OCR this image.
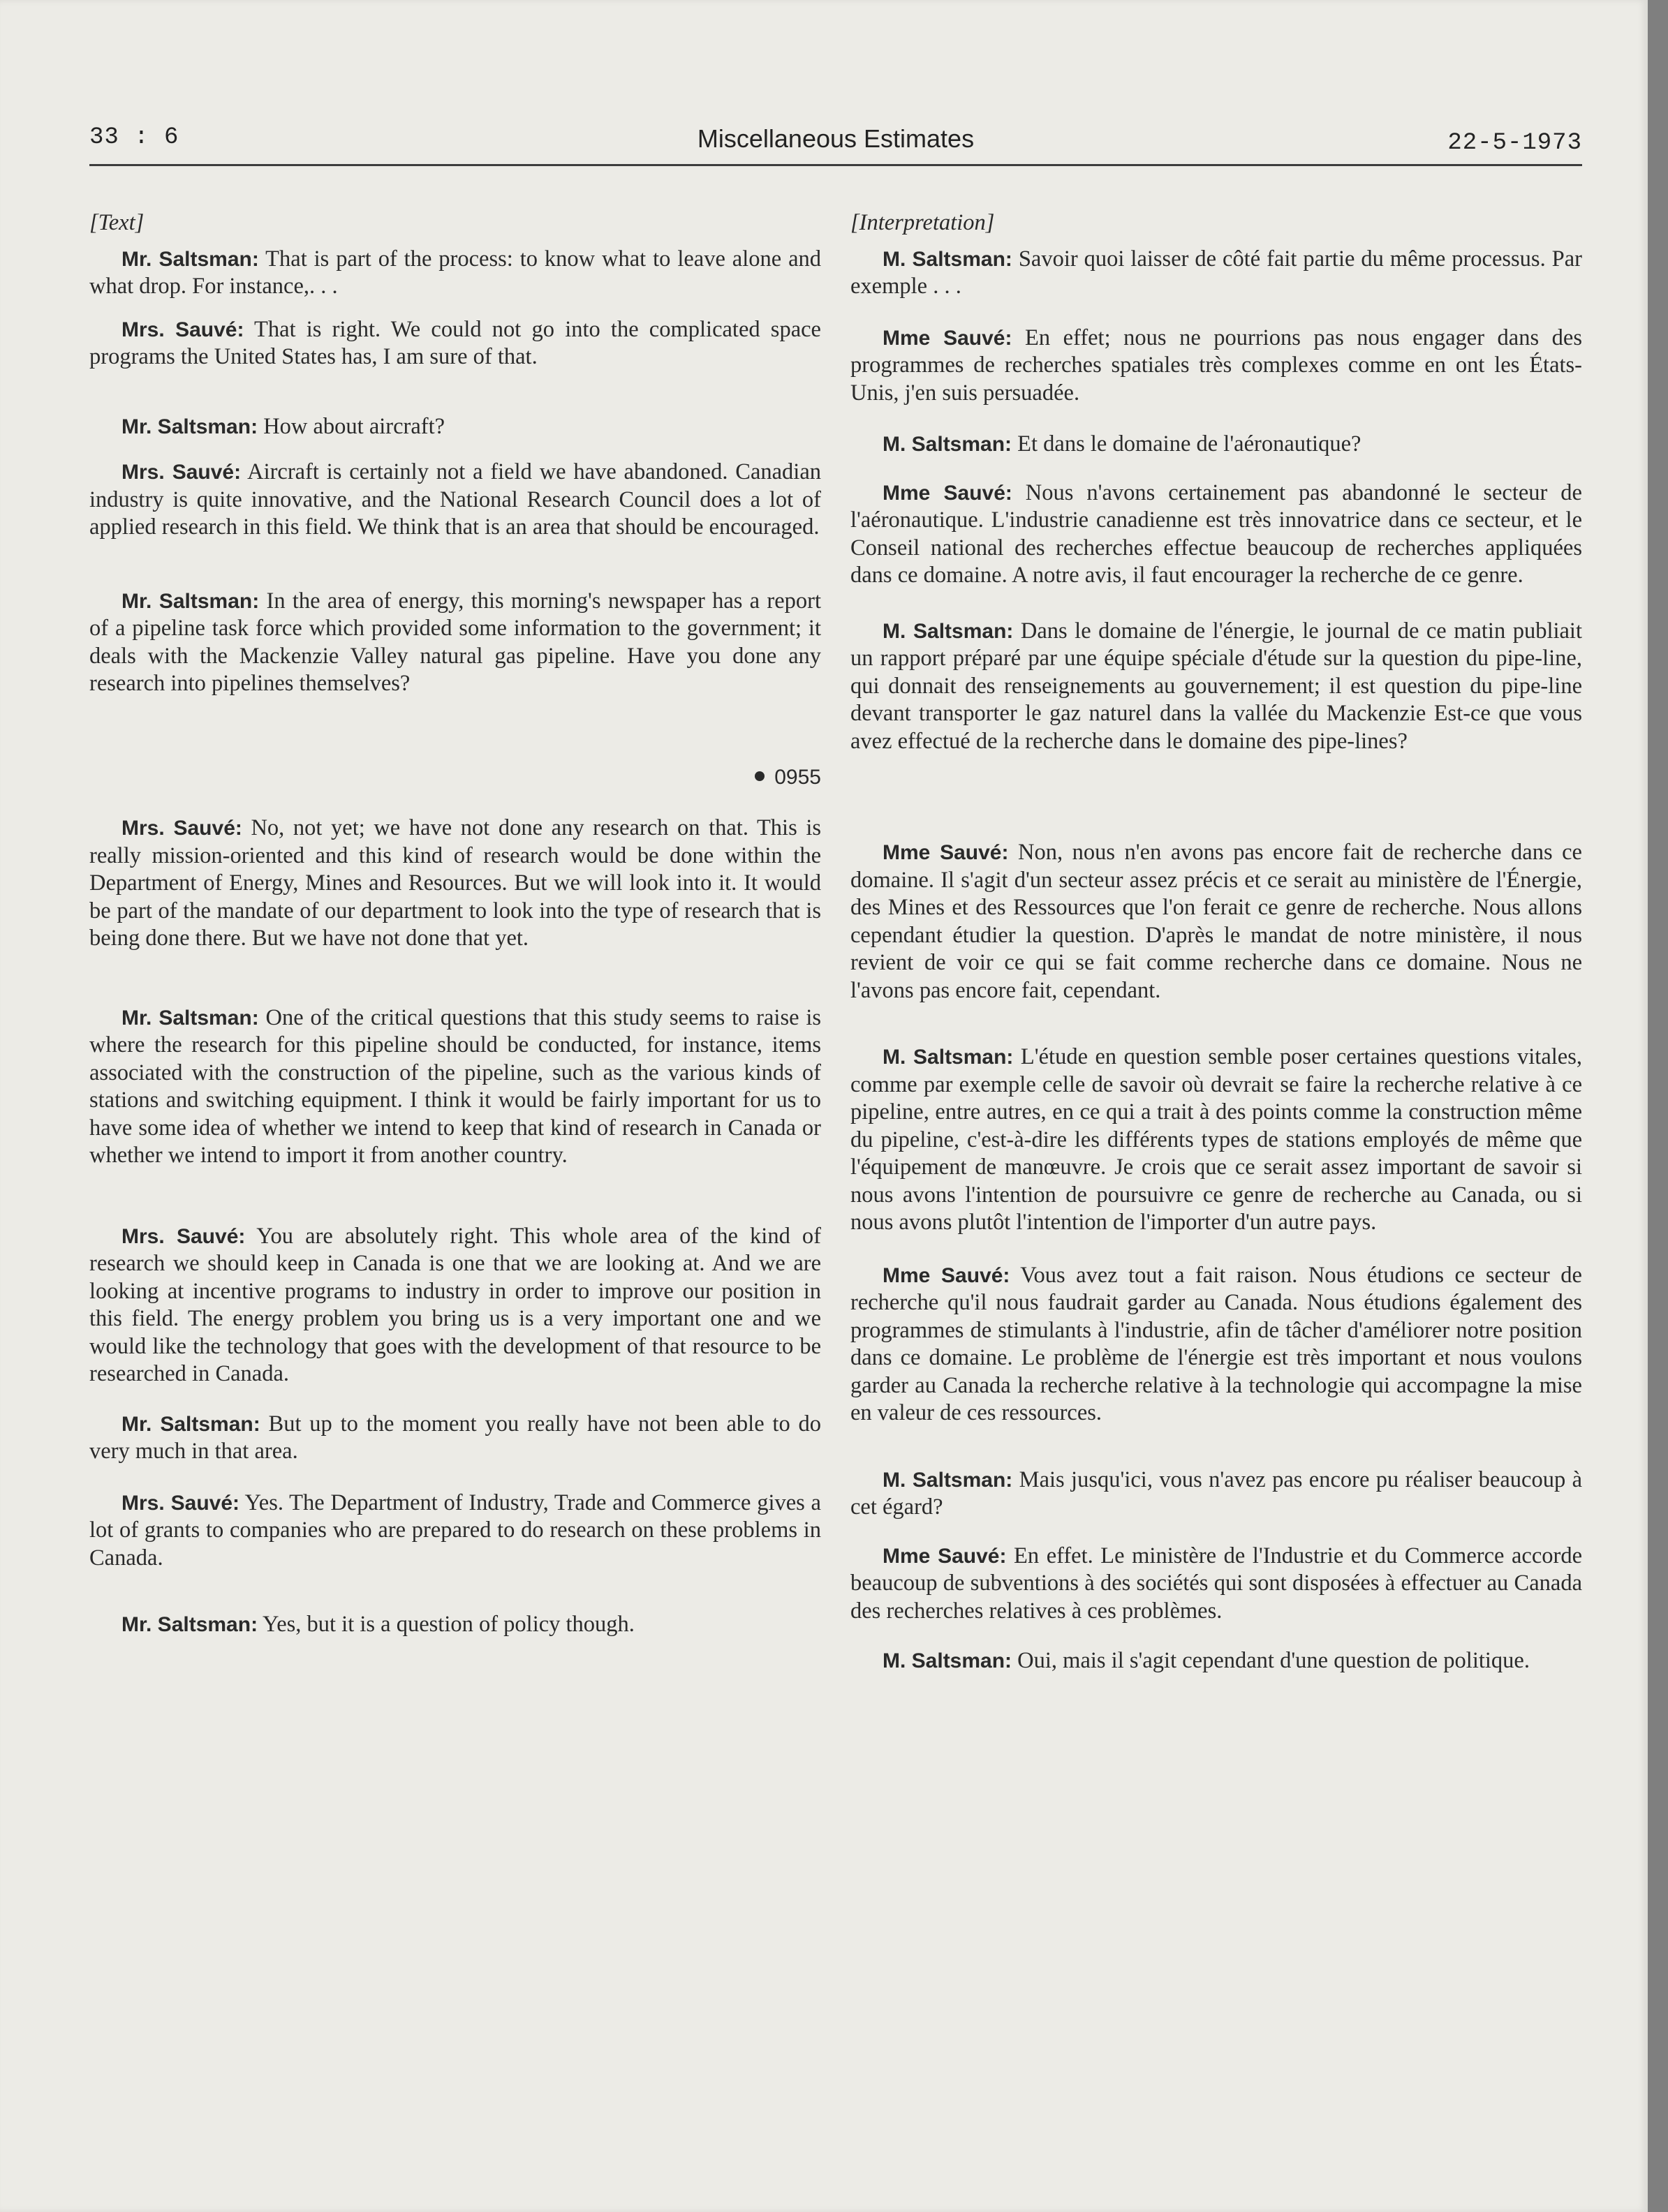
33 : 6	Miscellaneous Estimates	22-5-1973
[Text]

Mr. Saltsman: That is part of the process: to know what to leave alone and what drop. For instance,. . .

Mrs. Sauvé: That is right. We could not go into the complicated space programs the United States has, I am sure of that.

Mr. Saltsman: How about aircraft?

Mrs. Sauvé: Aircraft is certainly not a field we have abandoned. Canadian industry is quite innovative, and the National Research Council does a lot of applied research in this field. We think that is an area that should be encouraged.

Mr. Saltsman: In the area of energy, this morning's newspaper has a report of a pipeline task force which provided some information to the government; it deals with the Mackenzie Valley natural gas pipeline. Have you done any research into pipelines themselves?

0955

Mrs. Sauvé: No, not yet; we have not done any research on that. This is really mission-oriented and this kind of research would be done within the Department of Energy, Mines and Resources. But we will look into it. It would be part of the mandate of our department to look into the type of research that is being done there. But we have not done that yet.

Mr. Saltsman: One of the critical questions that this study seems to raise is where the research for this pipeline should be conducted, for instance, items associated with the construction of the pipeline, such as the various kinds of stations and switching equipment. I think it would be fairly important for us to have some idea of whether we intend to keep that kind of research in Canada or whether we intend to import it from another country.

Mrs. Sauvé: You are absolutely right. This whole area of the kind of research we should keep in Canada is one that we are looking at. And we are looking at incentive programs to industry in order to improve our position in this field. The energy problem you bring us is a very important one and we would like the technology that goes with the development of that resource to be researched in Canada.

Mr. Saltsman: But up to the moment you really have not been able to do very much in that area.

Mrs. Sauvé: Yes. The Department of Industry, Trade and Commerce gives a lot of grants to companies who are prepared to do research on these problems in Canada.

Mr. Saltsman: Yes, but it is a question of policy though.

[Interpretation]

M. Saltsman: Savoir quoi laisser de côté fait partie du même processus. Par exemple . . .

Mme Sauvé: En effet; nous ne pourrions pas nous engager dans des programmes de recherches spatiales très complexes comme en ont les États-Unis, j'en suis persuadée.

M. Saltsman: Et dans le domaine de l'aéronautique?

Mme Sauvé: Nous n'avons certainement pas abandonné le secteur de l'aéronautique. L'industrie canadienne est très innovatrice dans ce secteur, et le Conseil national des recherches effectue beaucoup de recherches appliquées dans ce domaine. A notre avis, il faut encourager la recherche de ce genre.

M. Saltsman: Dans le domaine de l'énergie, le journal de ce matin publiait un rapport préparé par une équipe spéciale d'étude sur la question du pipe-line, qui donnait des renseignements au gouvernement; il est question du pipe-line devant transporter le gaz naturel dans la vallée du Mackenzie Est-ce que vous avez effectué de la recherche dans le domaine des pipe-lines?

Mme Sauvé: Non, nous n'en avons pas encore fait de recherche dans ce domaine. Il s'agit d'un secteur assez précis et ce serait au ministère de l'Énergie, des Mines et des Ressources que l'on ferait ce genre de recherche. Nous allons cependant étudier la question. D'après le mandat de notre ministère, il nous revient de voir ce qui se fait comme recherche dans ce domaine. Nous ne l'avons pas encore fait, cependant.

M. Saltsman: L'étude en question semble poser certaines questions vitales, comme par exemple celle de savoir où devrait se faire la recherche relative à ce pipeline, entre autres, en ce qui a trait à des points comme la construction même du pipeline, c'est-à-dire les différents types de stations employés de même que l'équipement de manœuvre. Je crois que ce serait assez important de savoir si nous avons l'intention de poursuivre ce genre de recherche au Canada, ou si nous avons plutôt l'intention de l'importer d'un autre pays.

Mme Sauvé: Vous avez tout a fait raison. Nous étudions ce secteur de recherche qu'il nous faudrait garder au Canada. Nous étudions également des programmes de stimulants à l'industrie, afin de tâcher d'améliorer notre position dans ce domaine. Le problème de l'énergie est très important et nous voulons garder au Canada la recherche relative à la technologie qui accompagne la mise en valeur de ces ressources.

M. Saltsman: Mais jusqu'ici, vous n'avez pas encore pu réaliser beaucoup à cet égard?

Mme Sauvé: En effet. Le ministère de l'Industrie et du Commerce accorde beaucoup de subventions à des sociétés qui sont disposées à effectuer au Canada des recherches relatives à ces problèmes.

M. Saltsman: Oui, mais il s'agit cependant d'une question de politique.
